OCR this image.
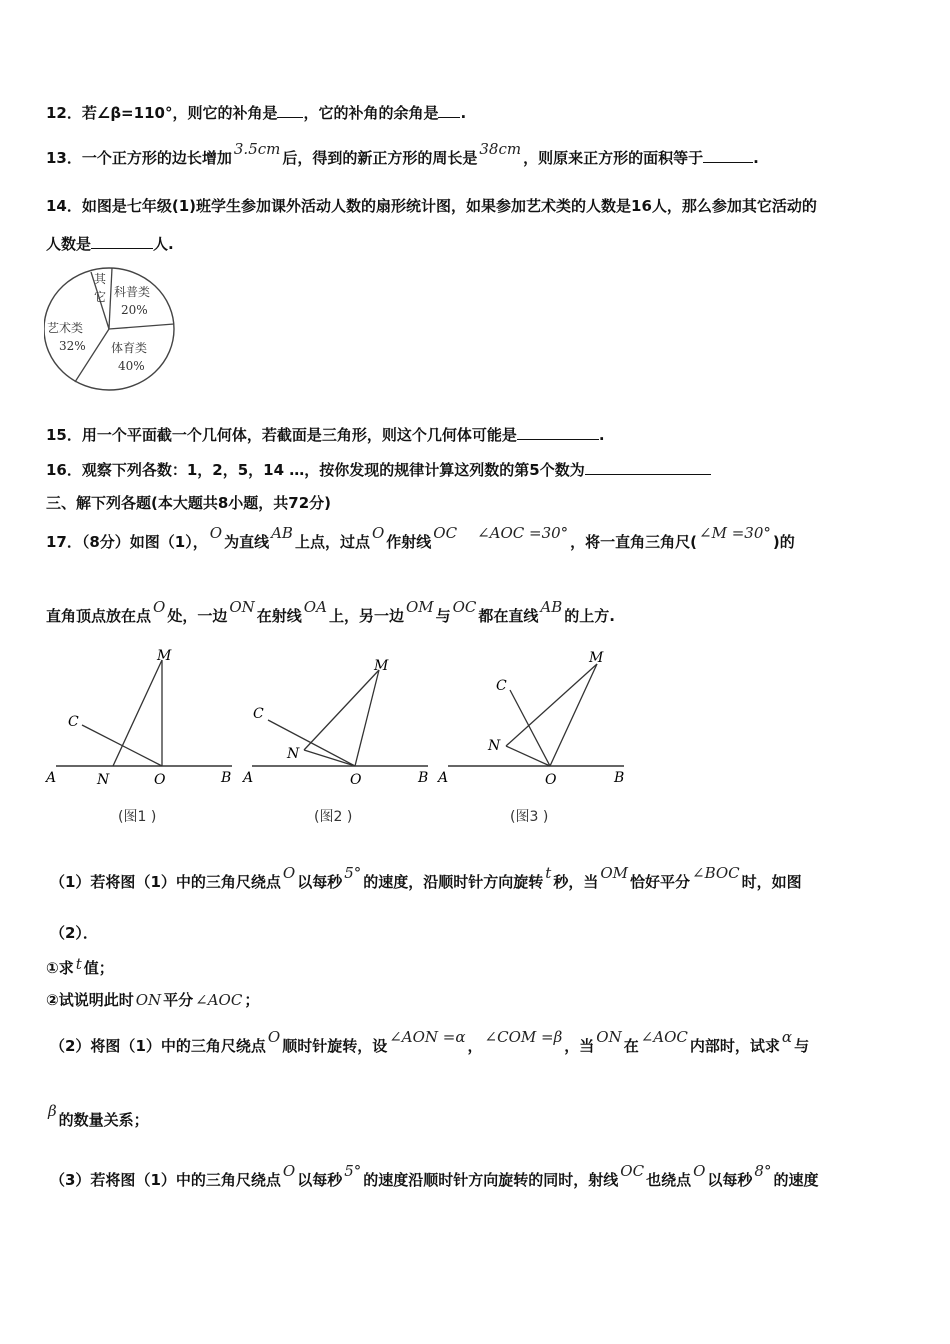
12．若∠β=110°，则它的补角是 ，它的补角的余角是 .
13．一个正方形的边长增加 3.5cm 后，得到的新正方形的周长是 38cm ，则原来正方形的面积等于	.
14．如图是七年级(1)班学生参加课外活动人数的扇形统计图，如果参加艺术类的人数是16人，那么参加其它活动的
人数是	人.
其
它 科普类
20%
体育类
40%
艺术类
32%
15．用一个平面截一个几何体，若截面是三角形，则这个几何体可能是	.
16．观察下列各数：1，2，5，14 …，按你发现的规律计算这列数的第5个数为
三、解下列各题(本大题共8小题，共72分)
17．（8分）如图（1）， O 为直线 AB 上点，过点 O 作射线 OC ∠AOC =30° ，将一直角三角尺( ∠M =30° )的
直角顶点放在点 O 处，一边 ON 在射线 OA 上，另一边 OM 与 OC 都在直线 AB 的上方.
M
C
A	N	O	B
M
C
N
A	O	B
M
C
N
A	O	B
(图1 )	(图2 )	(图3 )
（1）若将图（1）中的三角尺绕点 O 以每秒 5° 的速度，沿顺时针方向旋转 t 秒，当 OM 恰好平分 ∠BOC 时，如图
（2）．
①求 t 值；
②试说明此时 ON 平分 ∠AOC ；
（2）将图（1）中的三角尺绕点 O 顺时针旋转，设 ∠AON =α ， ∠COM =β ，当 ON 在 ∠AOC 内部时，试求 α 与
β 的数量关系；
（3）若将图（1）中的三角尺绕点 O 以每秒 5° 的速度沿顺时针方向旋转的同时，射线 OC 也绕点 O 以每秒 8° 的速度
